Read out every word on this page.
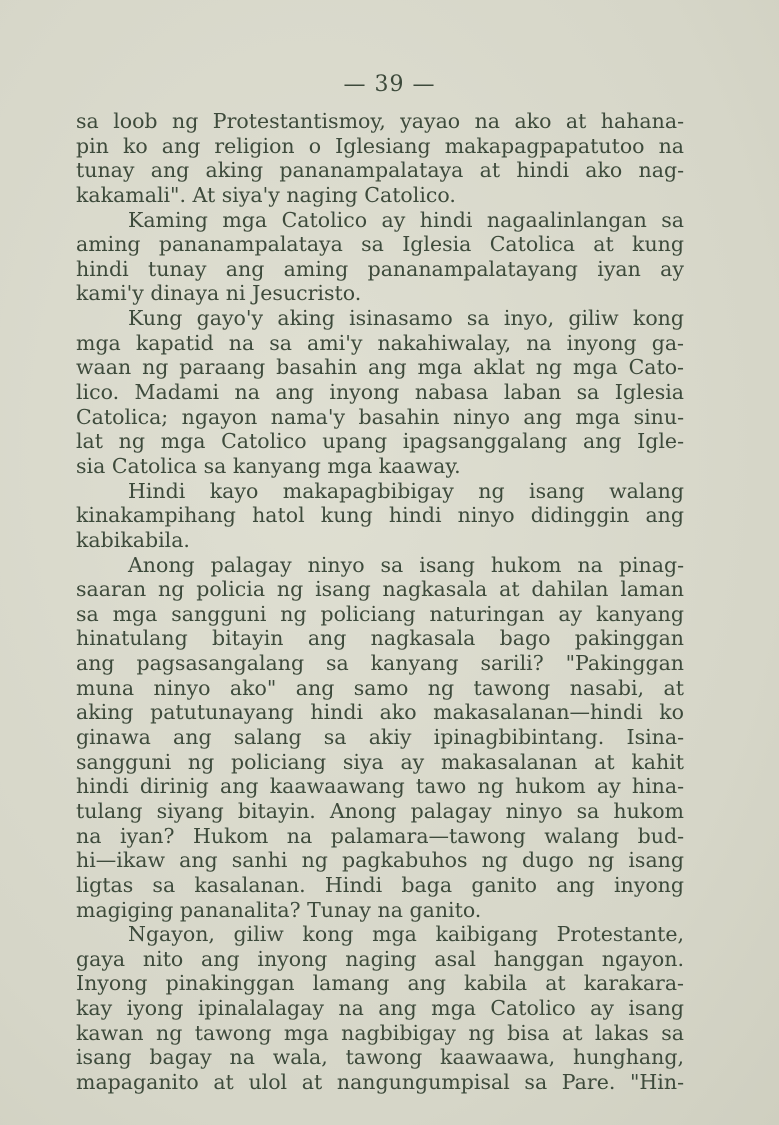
— 39 —
sa loob ng Protestantismoy, yayao na ako at hahana-
pin ko ang religion o Iglesiang makapagpapatutoo na
tunay ang aking pananampalataya at hindi ako nag-
kakamali". At siya'y naging Catolico.
Kaming mga Catolico ay hindi nagaalinlangan sa
aming pananampalataya sa Iglesia Catolica at kung
hindi tunay ang aming pananampalatayang iyan ay
kami'y dinaya ni Jesucristo.
Kung gayo'y aking isinasamo sa inyo, giliw kong
mga kapatid na sa ami'y nakahiwalay, na inyong ga-
waan ng paraang basahin ang mga aklat ng mga Cato-
lico. Madami na ang inyong nabasa laban sa Iglesia
Catolica; ngayon nama'y basahin ninyo ang mga sinu-
lat ng mga Catolico upang ipagsanggalang ang Igle-
sia Catolica sa kanyang mga kaaway.
Hindi kayo makapagbibigay ng isang walang
kinakampihang hatol kung hindi ninyo didinggin ang
kabikabila.
Anong palagay ninyo sa isang hukom na pinag-
saaran ng policia ng isang nagkasala at dahilan laman
sa mga sangguni ng policiang naturingan ay kanyang
hinatulang bitayin ang nagkasala bago pakinggan
ang pagsasangalang sa kanyang sarili? "Pakinggan
muna ninyo ako" ang samo ng tawong nasabi, at
aking patutunayang hindi ako makasalanan—hindi ko
ginawa ang salang sa akiy ipinagbibintang. Isina-
sangguni ng policiang siya ay makasalanan at kahit
hindi dirinig ang kaawaawang tawo ng hukom ay hina-
tulang siyang bitayin. Anong palagay ninyo sa hukom
na iyan? Hukom na palamara—tawong walang bud-
hi—ikaw ang sanhi ng pagkabuhos ng dugo ng isang
ligtas sa kasalanan. Hindi baga ganito ang inyong
magiging pananalita? Tunay na ganito.
Ngayon, giliw kong mga kaibigang Protestante,
gaya nito ang inyong naging asal hanggan ngayon.
Inyong pinakinggan lamang ang kabila at karakara-
kay iyong ipinalalagay na ang mga Catolico ay isang
kawan ng tawong mga nagbibigay ng bisa at lakas sa
isang bagay na wala, tawong kaawaawa, hunghang,
mapaganito at ulol at nangungumpisal sa Pare. "Hin-
